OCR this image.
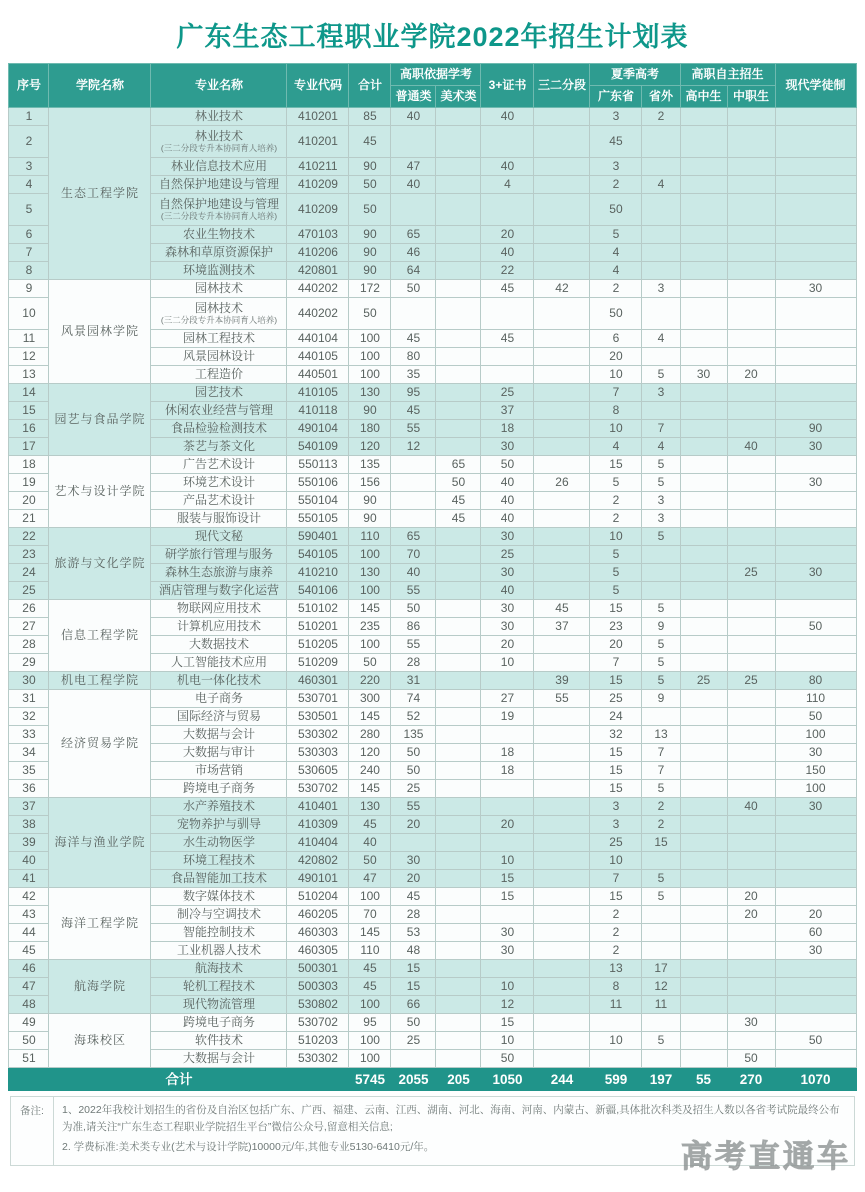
广东生态工程职业学院2022年招生计划表
序号	学院名称	专业名称	专业代码	合计	高职依据学考		3+证书	三二分段	夏季高考		高职自主招生		现代学徒制
					普通类	美术类			广东省	省外	高中生	中职生	
1	生态工程学院	林业技术	410201	85	40		40		3	2			
2		林业技术
(三二分段专升本协同育人培养)	410201	45					45				
3		林业信息技术应用	410211	90	47		40		3				
4		自然保护地建设与管理	410209	50	40		4		2	4			
5		自然保护地建设与管理
(三二分段专升本协同育人培养)	410209	50					50				
6		农业生物技术	470103	90	65		20		5				
7		森林和草原资源保护	410206	90	46		40		4				
8		环境监测技术	420801	90	64		22		4				
9	风景园林学院	园林技术	440202	172	50		45	42	2	3			30
10		园林技术
(三二分段专升本协同育人培养)	440202	50					50				
11		园林工程技术	440104	100	45		45		6	4			
12		风景园林设计	440105	100	80				20				
13		工程造价	440501	100	35				10	5	30	20	
14	园艺与食品学院	园艺技术	410105	130	95		25		7	3			
15		休闲农业经营与管理	410118	90	45		37		8				
16		食品检验检测技术	490104	180	55		18		10	7			90
17		茶艺与茶文化	540109	120	12		30		4	4		40	30
18	艺术与设计学院	广告艺术设计	550113	135		65	50		15	5			
19		环境艺术设计	550106	156		50	40	26	5	5			30
20		产品艺术设计	550104	90		45	40		2	3			
21		服装与服饰设计	550105	90		45	40		2	3			
22	旅游与文化学院	现代文秘	590401	110	65		30		10	5			
23		研学旅行管理与服务	540105	100	70		25		5				
24		森林生态旅游与康养	410210	130	40		30		5			25	30
25		酒店管理与数字化运营	540106	100	55		40		5				
26	信息工程学院	物联网应用技术	510102	145	50		30	45	15	5			
27		计算机应用技术	510201	235	86		30	37	23	9			50
28		大数据技术	510205	100	55		20		20	5			
29		人工智能技术应用	510209	50	28		10		7	5			
30	机电工程学院	机电一体化技术	460301	220	31			39	15	5	25	25	80
31	经济贸易学院	电子商务	530701	300	74		27	55	25	9			110
32		国际经济与贸易	530501	145	52		19		24				50
33		大数据与会计	530302	280	135				32	13			100
34		大数据与审计	530303	120	50		18		15	7			30
35		市场营销	530605	240	50		18		15	7			150
36		跨境电子商务	530702	145	25				15	5			100
37	海洋与渔业学院	水产养殖技术	410401	130	55				3	2		40	30
38		宠物养护与驯导	410309	45	20		20		3	2			
39		水生动物医学	410404	40					25	15			
40		环境工程技术	420802	50	30		10		10				
41		食品智能加工技术	490101	47	20		15		7	5			
42	海洋工程学院	数字媒体技术	510204	100	45		15		15	5		20	
43		制冷与空调技术	460205	70	28				2			20	20
44		智能控制技术	460303	145	53		30		2				60
45		工业机器人技术	460305	110	48		30		2				30
46	航海学院	航海技术	500301	45	15				13	17			
47		轮机工程技术	500303	45	15		10		8	12			
48		现代物流管理	530802	100	66		12		11	11			
49	海珠校区	跨境电子商务	530702	95	50		15					30	
50		软件技术	510203	100	25		10		10	5			50
51		大数据与会计	530302	100			50					50	
合计				5745	2055	205	1050	244	599	197	55	270	1070
备注:	1、2022年我校计划招生的省份及自治区包括广东、广西、福建、云南、江西、湖南、河北、海南、河南、内蒙古、新疆,具体批次科类及招生人数以各省考试院最终公布为准,请关注“广东生态工程职业学院招生平台”微信公众号,留意相关信息;

2. 学费标准:美术类专业(艺术与设计学院)10000元/年,其他专业5130-6410元/年。	高考直通车
